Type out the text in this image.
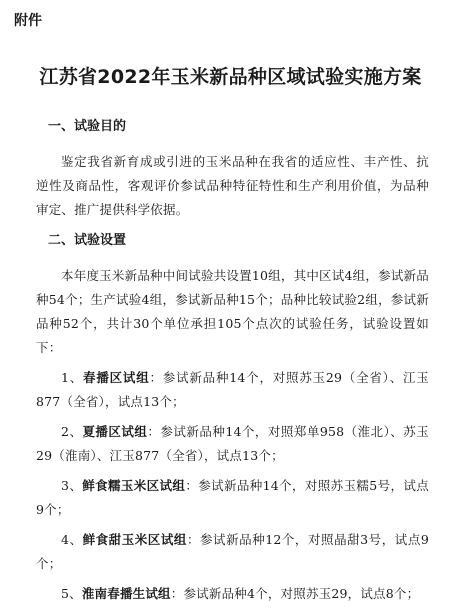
附件
江苏省2022年玉米新品种区域试验实施方案
一、试验目的

鉴定我省新育成或引进的玉米品种在我省的适应性、丰产性、抗逆性及商品性，客观评价参试品种特征特性和生产利用价值，为品种审定、推广提供科学依据。

二、试验设置

本年度玉米新品种中间试验共设置10组，其中区试4组，参试新品种54个；生产试验4组，参试新品种15个；品种比较试验2组，参试新品种52个，共计30个单位承担105个点次的试验任务，试验设置如下：

1、春播区试组：参试新品种14个，对照苏玉29（全省）、江玉877（全省），试点13个；

2、夏播区试组：参试新品种14个，对照郑单958（淮北）、苏玉29（淮南）、江玉877（全省），试点13个；

3、鲜食糯玉米区试组：参试新品种14个，对照苏玉糯5号，试点9个；

4、鲜食甜玉米区试组：参试新品种12个，对照晶甜3号，试点9个；

5、淮南春播生试组：参试新品种4个，对照苏玉29，试点8个；
